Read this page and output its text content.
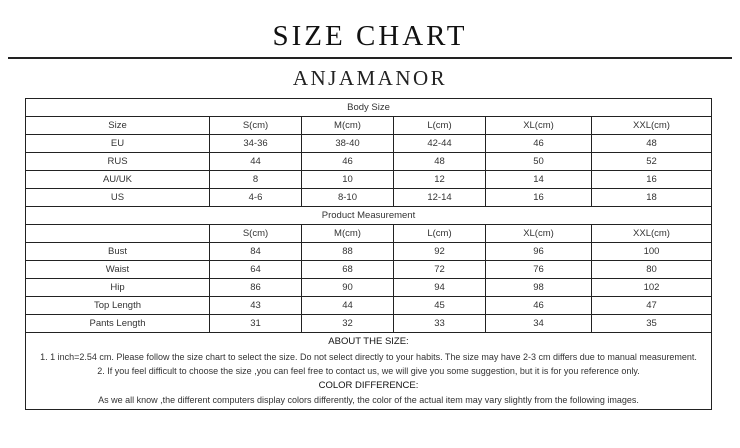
SIZE CHART
ANJAMANOR
Body Size					
Size	S(cm)	M(cm)	L(cm)	XL(cm)	XXL(cm)
EU	34-36	38-40	42-44	46	48
RUS	44	46	48	50	52
AU/UK	8	10	12	14	16
US	4-6	8-10	12-14	16	18
Product Measurement					
	S(cm)	M(cm)	L(cm)	XL(cm)	XXL(cm)
Bust	84	88	92	96	100
Waist	64	68	72	76	80
Hip	86	90	94	98	102
Top Length	43	44	45	46	47
Pants Length	31	32	33	34	35

ABOUT THE SIZE:
1. 1 inch=2.54 cm. Please follow the size chart to select the size. Do not select directly to your habits. The size may have 2-3 cm differs due to manual measurement.
2. If you feel difficult to choose the size ,you can feel free to contact us, we will give you some suggestion, but it is for you reference only.
COLOR DIFFERENCE:
As we all know ,the different computers display colors differently, the color of the actual item may vary slightly from the following images.					
